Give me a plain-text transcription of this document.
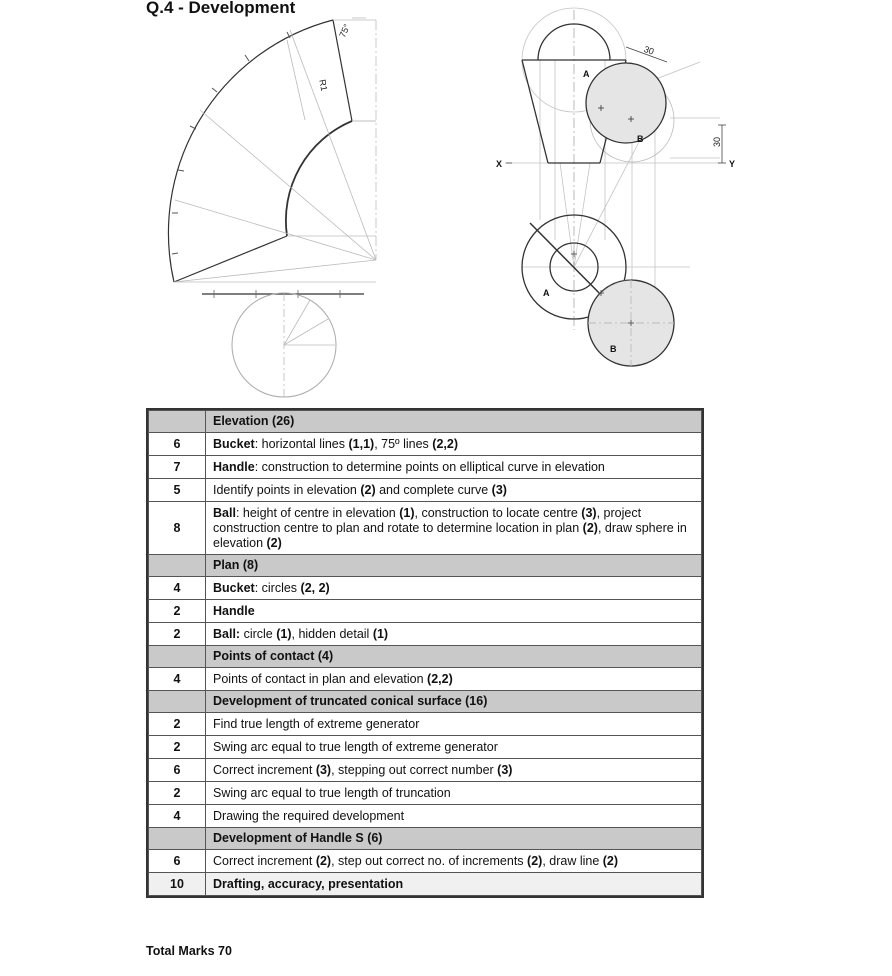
Q.4 - Development
75°
R1
30
30
A
B
A
B
X	Y
	Elevation (26)
6	Bucket: horizontal lines (1,1), 75º lines (2,2)
7	Handle: construction to determine points on elliptical curve in elevation
5	Identify points in elevation (2) and complete curve (3)
8	Ball: height of centre in elevation (1), construction to locate centre (3), project construction centre to plan and rotate to determine location in plan (2), draw sphere in elevation (2)
	Plan (8)
4	Bucket: circles (2, 2)
2	Handle
2	Ball: circle (1), hidden detail (1)
	Points of contact (4)
4	Points of contact in plan and elevation (2,2)
	Development of truncated conical surface (16)
2	Find true length of extreme generator
2	Swing arc equal to true length of extreme generator
6	Correct increment (3), stepping out correct number (3)
2	Swing arc equal to true length of truncation
4	Drawing the required development
	Development of Handle S (6)
6	Correct increment (2), step out correct no. of increments (2), draw line (2)
10	Drafting, accuracy, presentation
Total Marks 70
